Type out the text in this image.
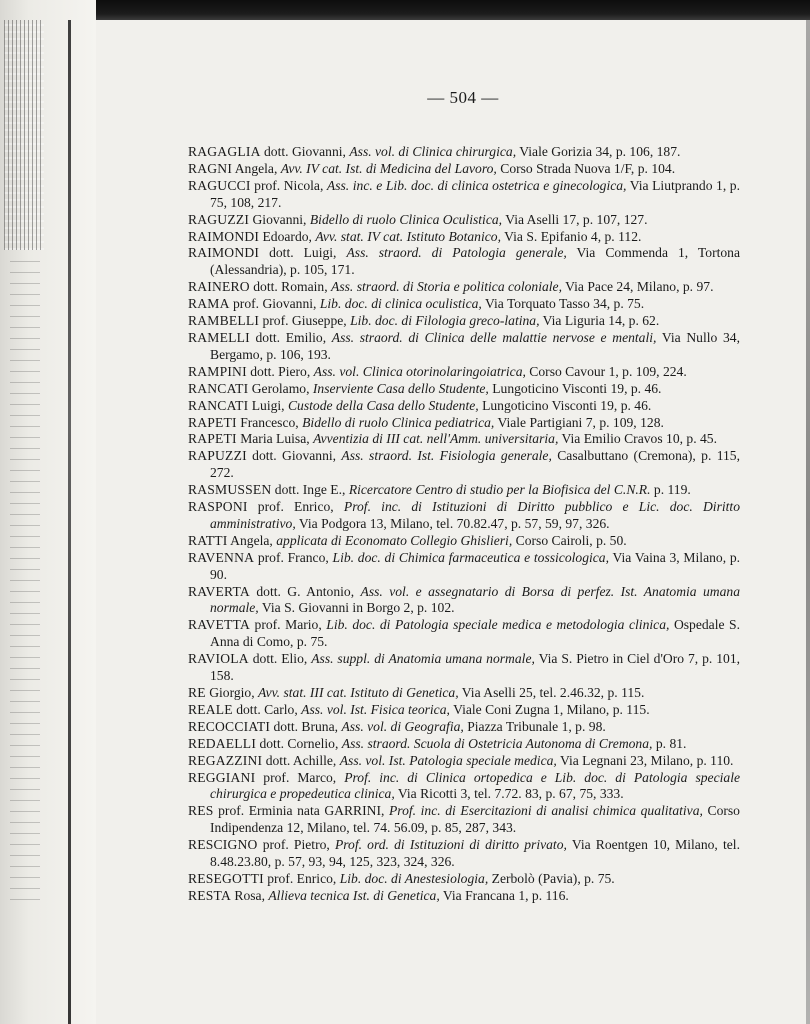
— 504 —
RAGAGLIA dott. Giovanni, Ass. vol. di Clinica chirurgica, Viale Gorizia 34, p. 106, 187.
RAGNI Angela, Avv. IV cat. Ist. di Medicina del Lavoro, Corso Strada Nuova 1/F, p. 104.
RAGUCCI prof. Nicola, Ass. inc. e Lib. doc. di clinica ostetrica e ginecologica, Via Liutprando 1, p. 75, 108, 217.
RAGUZZI Giovanni, Bidello di ruolo Clinica Oculistica, Via Aselli 17, p. 107, 127.
RAIMONDI Edoardo, Avv. stat. IV cat. Istituto Botanico, Via S. Epifanio 4, p. 112.
RAIMONDI dott. Luigi, Ass. straord. di Patologia generale, Via Commenda 1, Tortona (Alessandria), p. 105, 171.
RAINERO dott. Romain, Ass. straord. di Storia e politica coloniale, Via Pace 24, Milano, p. 97.
RAMA prof. Giovanni, Lib. doc. di clinica oculistica, Via Torquato Tasso 34, p. 75.
RAMBELLI prof. Giuseppe, Lib. doc. di Filologia greco-latina, Via Liguria 14, p. 62.
RAMELLI dott. Emilio, Ass. straord. di Clinica delle malattie nervose e mentali, Via Nullo 34, Bergamo, p. 106, 193.
RAMPINI dott. Piero, Ass. vol. Clinica otorinolaringoiatrica, Corso Cavour 1, p. 109, 224.
RANCATI Gerolamo, Inserviente Casa dello Studente, Lungoticino Visconti 19, p. 46.
RANCATI Luigi, Custode della Casa dello Studente, Lungoticino Visconti 19, p. 46.
RAPETI Francesco, Bidello di ruolo Clinica pediatrica, Viale Partigiani 7, p. 109, 128.
RAPETI Maria Luisa, Avventizia di III cat. nell'Amm. universitaria, Via Emilio Cravos 10, p. 45.
RAPUZZI dott. Giovanni, Ass. straord. Ist. Fisiologia generale, Casalbuttano (Cremona), p. 115, 272.
RASMUSSEN dott. Inge E., Ricercatore Centro di studio per la Biofisica del C.N.R. p. 119.
RASPONI prof. Enrico, Prof. inc. di Istituzioni di Diritto pubblico e Lic. doc. Diritto amministrativo, Via Podgora 13, Milano, tel. 70.82.47, p. 57, 59, 97, 326.
RATTI Angela, applicata di Economato Collegio Ghislieri, Corso Cairoli, p. 50.
RAVENNA prof. Franco, Lib. doc. di Chimica farmaceutica e tossicologica, Via Vaina 3, Milano, p. 90.
RAVERTA dott. G. Antonio, Ass. vol. e assegnatario di Borsa di perfez. Ist. Anatomia umana normale, Via S. Giovanni in Borgo 2, p. 102.
RAVETTA prof. Mario, Lib. doc. di Patologia speciale medica e metodologia clinica, Ospedale S. Anna di Como, p. 75.
RAVIOLA dott. Elio, Ass. suppl. di Anatomia umana normale, Via S. Pietro in Ciel d'Oro 7, p. 101, 158.
RE Giorgio, Avv. stat. III cat. Istituto di Genetica, Via Aselli 25, tel. 2.46.32, p. 115.
REALE dott. Carlo, Ass. vol. Ist. Fisica teorica, Viale Coni Zugna 1, Milano, p. 115.
RECOCCIATI dott. Bruna, Ass. vol. di Geografia, Piazza Tribunale 1, p. 98.
REDAELLI dott. Cornelio, Ass. straord. Scuola di Ostetricia Autonoma di Cremona, p. 81.
REGAZZINI dott. Achille, Ass. vol. Ist. Patologia speciale medica, Via Legnani 23, Milano, p. 110.
REGGIANI prof. Marco, Prof. inc. di Clinica ortopedica e Lib. doc. di Patologia speciale chirurgica e propedeutica clinica, Via Ricotti 3, tel. 7.72. 83, p. 67, 75, 333.
RES prof. Erminia nata GARRINI, Prof. inc. di Esercitazioni di analisi chimica qualitativa, Corso Indipendenza 12, Milano, tel. 74. 56.09, p. 85, 287, 343.
RESCIGNO prof. Pietro, Prof. ord. di Istituzioni di diritto privato, Via Roentgen 10, Milano, tel. 8.48.23.80, p. 57, 93, 94, 125, 323, 324, 326.
RESEGOTTI prof. Enrico, Lib. doc. di Anestesiologia, Zerbolò (Pavia), p. 75.
RESTA Rosa, Allieva tecnica Ist. di Genetica, Via Francana 1, p. 116.
